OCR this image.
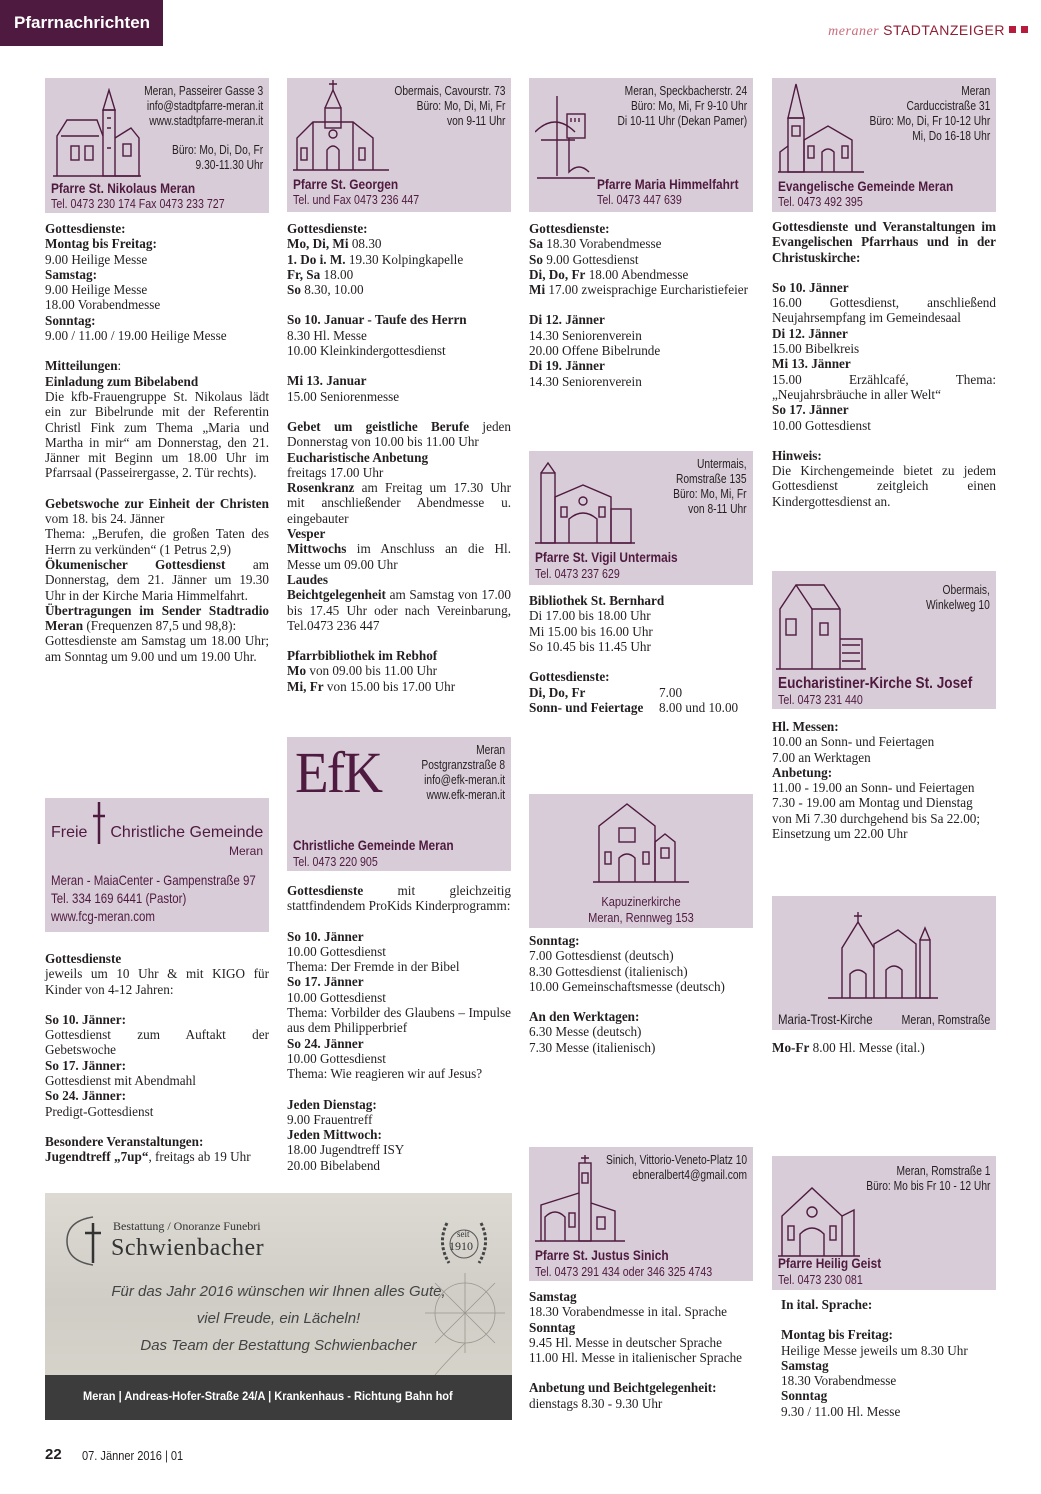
Pfarrnachrichten	meraner STADTANZEIGER
Meran, Passeirer Gasse 3
info@stadtpfarre-meran.it
www.stadtpfarre-meran.it
Büro: Mo, Di, Do, Fr
9.30-11.30 Uhr
Pfarre St. Nikolaus Meran
Tel. 0473 230 174 Fax 0473 233 727

Gottesdienste:

Montag bis Freitag:

9.00 Heilige Messe

Samstag:

9.00 Heilige Messe

18.00 Vorabendmesse

Sonntag:

9.00 / 11.00 / 19.00 Heilige Messe

Mitteilungen:

Einladung zum Bibelabend

Die kfb-Frauengruppe St. Nikolaus lädt ein zur Bibelrunde mit der Referentin Christl Fink zum Thema „Maria und Martha in mir“ am Donnerstag, den 21. Jänner mit Beginn um 18.00 Uhr im Pfarrsaal (Passeirergasse, 2. Tür rechts).

Gebetswoche zur Einheit der Christen vom 18. bis 24. Jänner

Thema: „Berufen, die großen Taten des Herrn zu verkünden“ (1 Petrus 2,9)

Ökumenischer Gottesdienst am Donnerstag, dem 21. Jänner um 19.30 Uhr in der Kirche Maria Himmelfahrt.

Übertragungen im Sender Stadtradio Meran (Frequenzen 87,5 und 98,8):

Gottesdienste am Samstag um 18.00 Uhr; am Sonntag um 9.00 und um 19.00 Uhr.

Freie Christliche Gemeinde
Meran
Meran - MaiaCenter - Gampenstraße 97
Tel. 334 169 6441 (Pastor)
www.fcg-meran.com

Gottesdienste

jeweils um 10 Uhr & mit KIGO für Kinder von 4-12 Jahren:

So 10. Jänner:

Gottesdienst zum Auftakt der Gebetswoche

So 17. Jänner:

Gottesdienst mit Abendmahl

So 24. Jänner:

Predigt-Gottesdienst

Besondere Veranstaltungen:

Jugendtreff „7up“, freitags ab 19 Uhr

Obermais, Cavourstr. 73
Büro: Mo, Di, Mi, Fr
von 9-11 Uhr
Pfarre St. Georgen
Tel. und Fax 0473 236 447

Gottesdienste:

Mo, Di, Mi 08.30

1. Do i. M. 19.30 Kolpingkapelle

Fr, Sa 18.00

So 8.30, 10.00

So 10. Januar - Taufe des Herrn

8.30 Hl. Messe

10.00 Kleinkindergottesdienst

Mi 13. Januar

15.00 Seniorenmesse

Gebet um geistliche Berufe jeden Donnerstag von 10.00 bis 11.00 Uhr

Eucharistische Anbetung

freitags 17.00 Uhr

Rosenkranz am Freitag um 17.30 Uhr mit anschließender Abendmesse u. eingebauter

Vesper

Mittwochs im Anschluss an die Hl. Messe um 09.00 Uhr

Laudes

Beichtgelegenheit am Samstag von 17.00 bis 17.45 Uhr oder nach Vereinbarung, Tel.0473 236 447

Pfarrbibliothek im Rebhof

Mo von 09.00 bis 11.00 Uhr

Mi, Fr von 15.00 bis 17.00 Uhr

EfK	Meran
Postgranzstraße 8
info@efk-meran.it
www.efk-meran.it
Christliche Gemeinde Meran
Tel. 0473 220 905

Gottesdienste mit gleichzeitig stattfindendem ProKids Kinderprogramm:

So 10. Jänner

10.00 Gottesdienst

Thema: Der Fremde in der Bibel

So 17. Jänner

10.00 Gottesdienst

Thema: Vorbilder des Glaubens – Impulse aus dem Philipperbrief

So 24. Jänner

10.00 Gottesdienst

Thema: Wie reagieren wir auf Jesus?

Jeden Dienstag:

9.00 Frauentreff

Jeden Mittwoch:

18.00 Jugendtreff ISY

20.00 Bibelabend

Meran, Speckbacherstr. 24
Büro: Mo, Mi, Fr 9-10 Uhr
Di 10-11 Uhr (Dekan Pamer)
Pfarre Maria Himmelfahrt
Tel. 0473 447 639

Gottesdienste:

Sa 18.30 Vorabendmesse

So 9.00 Gottesdienst

Di, Do, Fr 18.00 Abendmesse

Mi 17.00 zweisprachige Eurcharistiefeier

Di 12. Jänner

14.30 Seniorenverein

20.00 Offene Bibelrunde

Di 19. Jänner

14.30 Seniorenverein

Untermais,
Romstraße 135
Büro: Mo, Mi, Fr
von 8-11 Uhr
Pfarre St. Vigil Untermais
Tel. 0473 237 629

Bibliothek St. Bernhard

Di 17.00 bis 18.00 Uhr

Mi 15.00 bis 16.00 Uhr

So 10.45 bis 11.45 Uhr

Gottesdienste:

Di, Do, Fr	7.00
Sonn- und Feiertage 8.00 und 10.00
Kapuzinerkirche
Meran, Rennweg 153

Sonntag:

7.00 Gottesdienst (deutsch)

8.30 Gottesdienst (italienisch)

10.00 Gemeinschaftsmesse (deutsch)

An den Werktagen:

6.30 Messe (deutsch)

7.30 Messe (italienisch)

Sinich, Vittorio-Veneto-Platz 10
ebneralbert4@gmail.com
Pfarre St. Justus Sinich
Tel. 0473 291 434 oder 346 325 4743

Samstag

18.30 Vorabendmesse in ital. Sprache

Sonntag

9.45 Hl. Messe in deutscher Sprache

11.00 Hl. Messe in italienischer Sprache

Anbetung und Beichtgelegenheit:

dienstags 8.30 - 9.30 Uhr

Meran
Carduccistraße 31
Büro: Mo, Di, Fr 10-12 Uhr
Mi, Do 16-18 Uhr
Evangelische Gemeinde Meran
Tel. 0473 492 395

Gottesdienste und Veranstaltungen im Evangelischen Pfarrhaus und in der Christuskirche:

So 10. Jänner

16.00 Gottesdienst, anschließend Neujahrsempfang im Gemeindesaal

Di 12. Jänner

15.00 Bibelkreis

Mi 13. Jänner

15.00 Erzählcafé, Thema: „Neujahrsbräuche in aller Welt“

So 17. Jänner

10.00 Gottesdienst

Hinweis:

Die Kirchengemeinde bietet zu jedem Gottesdienst zeitgleich einen Kindergottesdienst an.

Obermais,
Winkelweg 10
Eucharistiner-Kirche St. Josef
Tel. 0473 231 440

Hl. Messen:

10.00 an Sonn- und Feiertagen

7.00 an Werktagen

Anbetung:

11.00 - 19.00 an Sonn- und Feiertagen

7.30 - 19.00 am Montag und Dienstag

von Mi 7.30 durchgehend bis Sa 22.00;

Einsetzung um 22.00 Uhr

Maria-Trost-Kirche Meran, Romstraße

Mo-Fr 8.00 Hl. Messe (ital.)

Meran, Romstraße 1
Büro: Mo bis Fr 10 - 12 Uhr
Pfarre Heilig Geist
Tel. 0473 230 081

In ital. Sprache:

Montag bis Freitag:

Heilige Messe jeweils um 8.30 Uhr

Samstag

18.30 Vorabendmesse

Sonntag

9.30 / 11.00 Hl. Messe

Bestattung / Onoranze Funebri
Schwienbacher
seit
1910
Für das Jahr 2016 wünschen wir Ihnen alles Gute,
viel Freude, ein Lächeln!
Das Team der Bestattung Schwienbacher
Meran | Andreas-Hofer-Straße 24/A | Krankenhaus - Richtung Bahn hof
22 07. Jänner 2016 | 01
